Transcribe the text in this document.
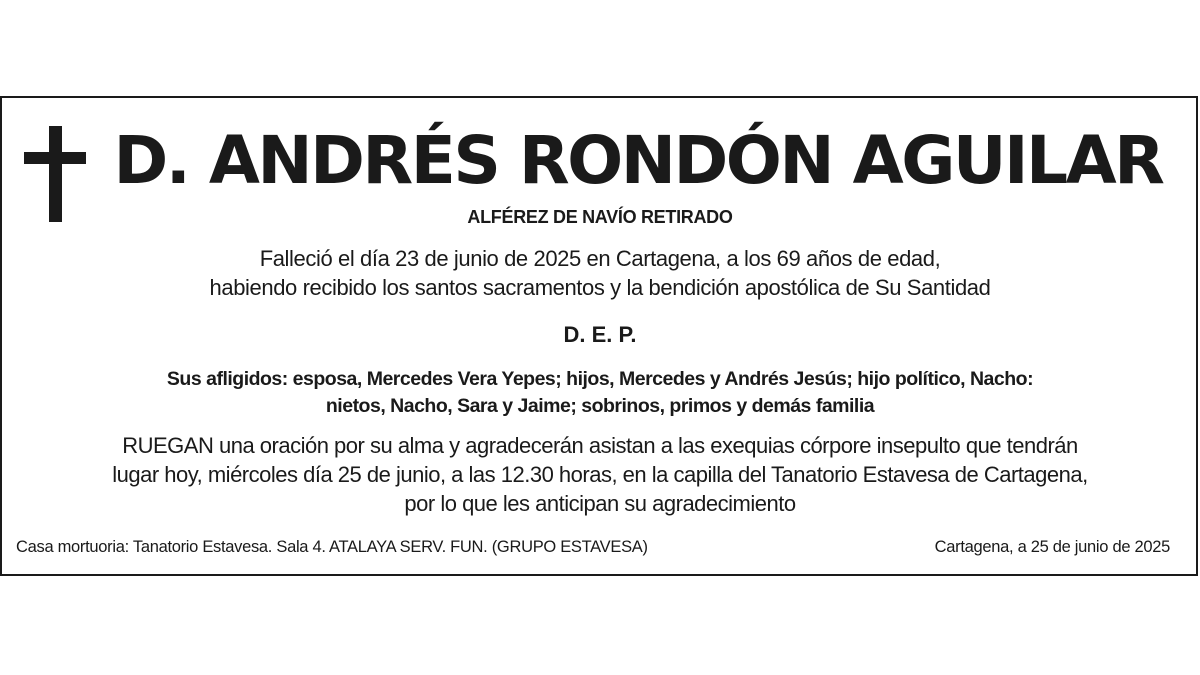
D. ANDRÉS RONDÓN AGUILAR
ALFÉREZ DE NAVÍO RETIRADO

Falleció el día 23 de junio de 2025 en Cartagena, a los 69 años de edad,
habiendo recibido los santos sacramentos y la bendición apostólica de Su Santidad

D. E. P.

Sus afligidos: esposa, Mercedes Vera Yepes; hijos, Mercedes y Andrés Jesús; hijo político, Nacho:
nietos, Nacho, Sara y Jaime; sobrinos, primos y demás familia

RUEGAN una oración por su alma y agradecerán asistan a las exequias córpore insepulto que tendrán
lugar hoy, miércoles día 25 de junio, a las 12.30 horas, en la capilla del Tanatorio Estavesa de Cartagena,
por lo que les anticipan su agradecimiento

Casa mortuoria: Tanatorio Estavesa. Sala 4. ATALAYA SERV. FUN. (GRUPO ESTAVESA)	Cartagena, a 25 de junio de 2025
